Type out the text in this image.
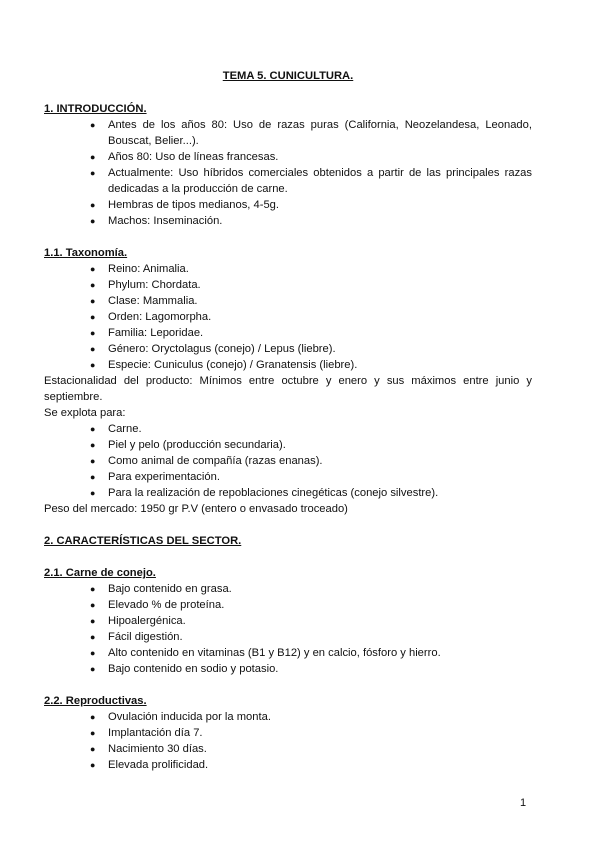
TEMA 5. CUNICULTURA.
1. INTRODUCCIÓN.
● Antes de los años 80: Uso de razas puras (California, Neozelandesa, Leonado, Bouscat, Belier...).
● Años 80: Uso de líneas francesas.
● Actualmente: Uso híbridos comerciales obtenidos a partir de las principales razas dedicadas a la producción de carne.
● Hembras de tipos medianos, 4-5g.
● Machos: Inseminación.
1.1. Taxonomía.
● Reino: Animalia.
● Phylum: Chordata.
● Clase: Mammalia.
● Orden: Lagomorpha.
● Familia: Leporidae.
● Género: Oryctolagus (conejo) / Lepus (liebre).
● Especie: Cuniculus (conejo) / Granatensis (liebre).
Estacionalidad del producto: Mínimos entre octubre y enero y sus máximos entre junio y septiembre.
Se explota para:
● Carne.
● Piel y pelo (producción secundaria).
● Como animal de compañía (razas enanas).
● Para experimentación.
● Para la realización de repoblaciones cinegéticas (conejo silvestre).
Peso del mercado: 1950 gr P.V (entero o envasado troceado)
2. CARACTERÍSTICAS DEL SECTOR.
2.1. Carne de conejo.
● Bajo contenido en grasa.
● Elevado % de proteína.
● Hipoalergénica.
● Fácil digestión.
● Alto contenido en vitaminas (B1 y B12) y en calcio, fósforo y hierro.
● Bajo contenido en sodio y potasio.
2.2. Reproductivas.
● Ovulación inducida por la monta.
● Implantación día 7.
● Nacimiento 30 días.
● Elevada prolificidad.
1
